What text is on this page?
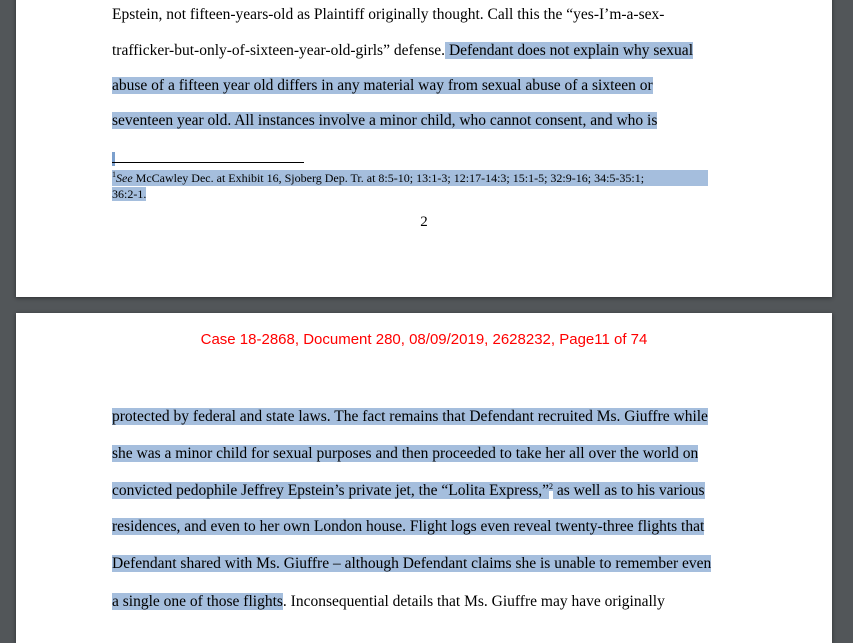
Epstein, not fifteen-years-old as Plaintiff originally thought. Call this the “yes-I’m-a-sex-
trafficker-but-only-of-sixteen-year-old-girls” defense. Defendant does not explain why sexual
abuse of a fifteen year old differs in any material way from sexual abuse of a sixteen or
seventeen year old. All instances involve a minor child, who cannot consent, and who is
$^1$See McCawley Dec. at Exhibit 16, Sjoberg Dep. Tr. at 8:5-10; 13:1-3; 12:17-14:3; 15:1-5; 32:9-16; 34:5-35:1;
36:2-1.
2
Case 18-2868, Document 280, 08/09/2019, 2628232, Page11 of 74
protected by federal and state laws. The fact remains that Defendant recruited Ms. Giuffre while
she was a minor child for sexual purposes and then proceeded to take her all over the world on
convicted pedophile Jeffrey Epstein’s private jet, the “Lolita Express,”$^2$ as well as to his various
residences, and even to her own London house. Flight logs even reveal twenty-three flights that
Defendant shared with Ms. Giuffre – although Defendant claims she is unable to remember even
a single one of those flights. Inconsequential details that Ms. Giuffre may have originally
